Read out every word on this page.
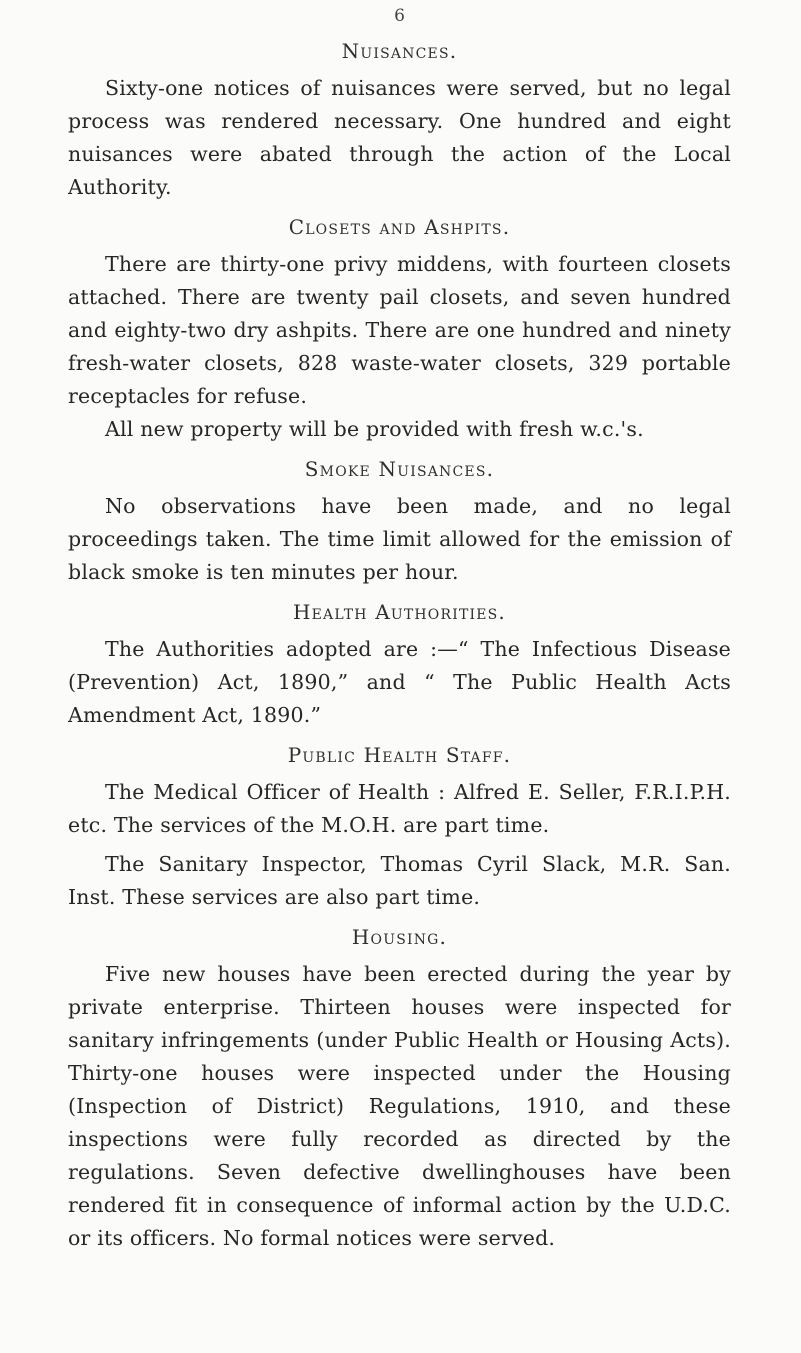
6
Nuisances.

Sixty-one notices of nuisances were served, but no legal process was rendered necessary. One hundred and eight nuisances were abated through the action of the Local Authority.

Closets and Ashpits.

There are thirty-one privy middens, with fourteen closets attached. There are twenty pail closets, and seven hundred and eighty-two dry ashpits. There are one hundred and ninety fresh-water closets, 828 waste-water closets, 329 portable receptacles for refuse.

All new property will be provided with fresh w.c.'s.

Smoke Nuisances.

No observations have been made, and no legal proceedings taken. The time limit allowed for the emission of black smoke is ten minutes per hour.

Health Authorities.

The Authorities adopted are :—“ The Infectious Disease (Prevention) Act, 1890,” and “ The Public Health Acts Amendment Act, 1890.”

Public Health Staff.

The Medical Officer of Health : Alfred E. Seller, F.R.I.P.H. etc. The services of the M.O.H. are part time.

The Sanitary Inspector, Thomas Cyril Slack, M.R. San. Inst. These services are also part time.

Housing.

Five new houses have been erected during the year by private enterprise. Thirteen houses were inspected for sanitary infringements (under Public Health or Housing Acts). Thirty-one houses were inspected under the Housing (Inspection of District) Regulations, 1910, and these inspections were fully recorded as directed by the regulations. Seven defective dwellinghouses have been rendered fit in consequence of informal action by the U.D.C. or its officers. No formal notices were served.
